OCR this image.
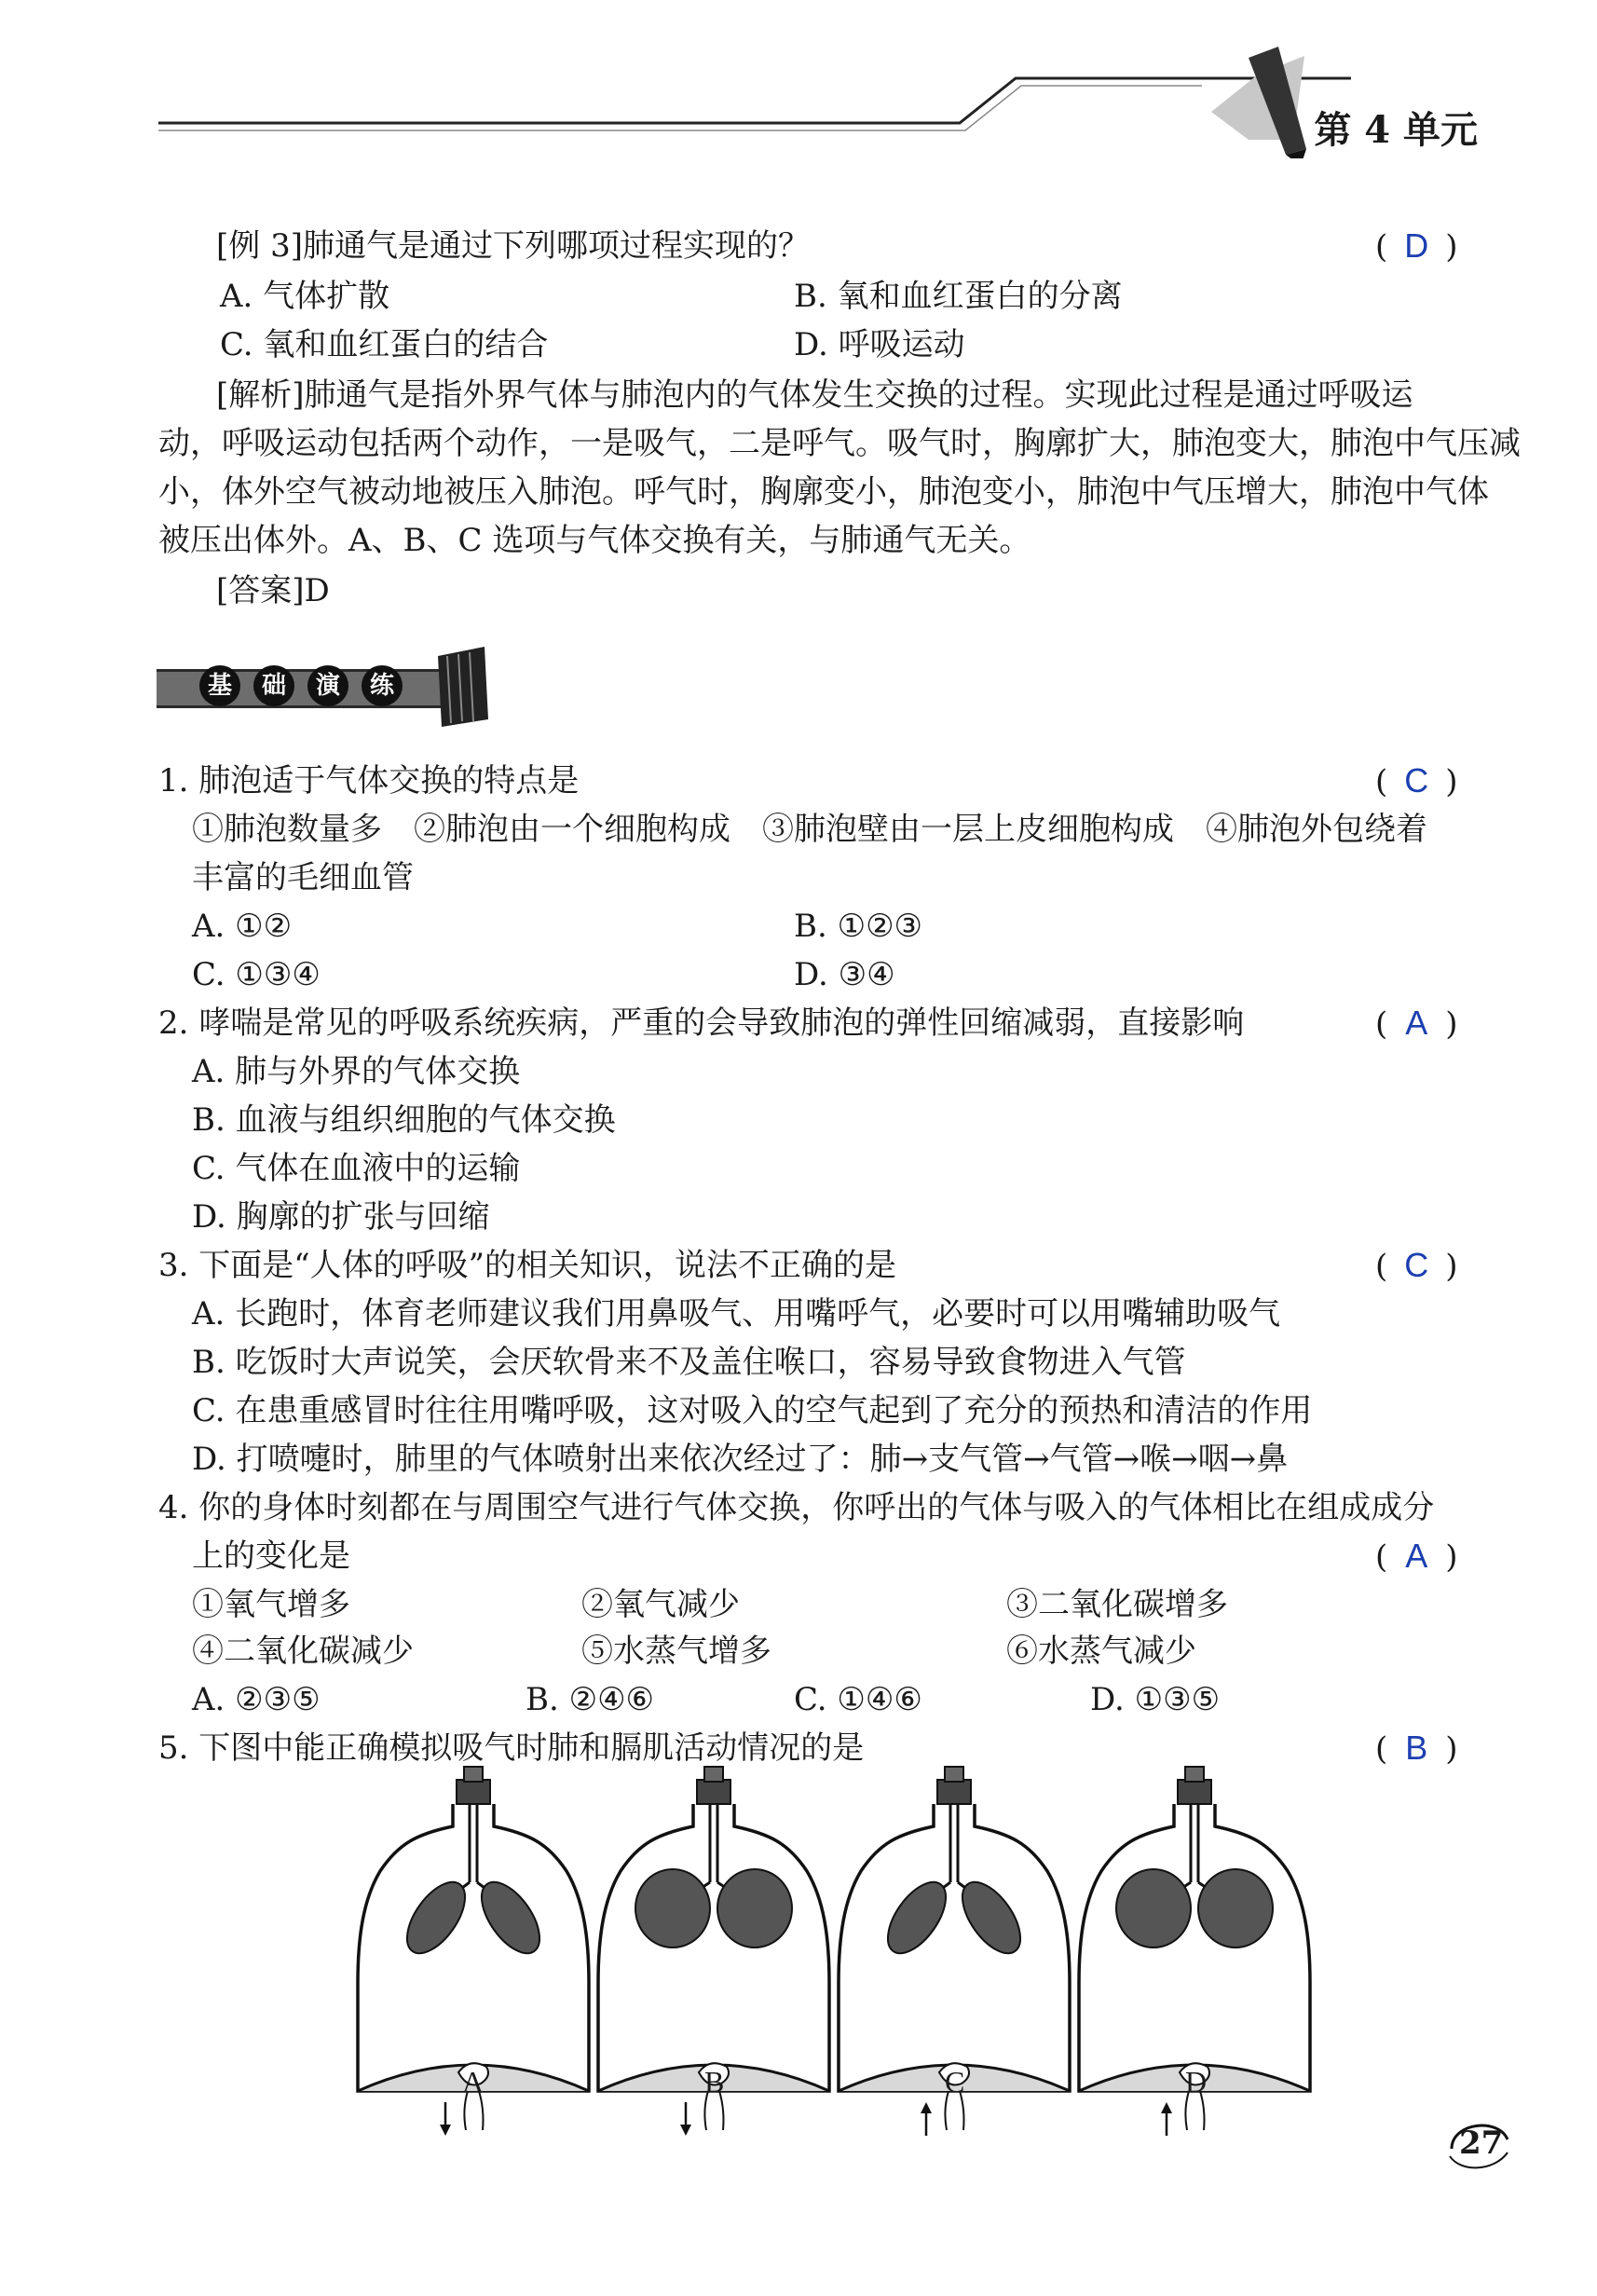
第 4 单元
[例 3]肺通气是通过下列哪项过程实现的？	( D )
A. 气体扩散	B. 氧和血红蛋白的分离
C. 氧和血红蛋白的结合	D. 呼吸运动
[解析]肺通气是指外界气体与肺泡内的气体发生交换的过程。实现此过程是通过呼吸运
动，呼吸运动包括两个动作，一是吸气，二是呼气。吸气时，胸廓扩大，肺泡变大，肺泡中气压减
小，体外空气被动地被压入肺泡。呼气时，胸廓变小，肺泡变小，肺泡中气压增大，肺泡中气体
被压出体外。A、B、C 选项与气体交换有关，与肺通气无关。
[答案]D
基	础	演	练
1. 肺泡适于气体交换的特点是	( C )
①肺泡数量多　②肺泡由一个细胞构成　③肺泡壁由一层上皮细胞构成　④肺泡外包绕着
丰富的毛细血管
A. ①②	B. ①②③
C. ①③④	D. ③④
2. 哮喘是常见的呼吸系统疾病，严重的会导致肺泡的弹性回缩减弱，直接影响	( A )
A. 肺与外界的气体交换
B. 血液与组织细胞的气体交换
C. 气体在血液中的运输
D. 胸廓的扩张与回缩
3. 下面是“人体的呼吸”的相关知识，说法不正确的是	( C )
A. 长跑时，体育老师建议我们用鼻吸气、用嘴呼气，必要时可以用嘴辅助吸气
B. 吃饭时大声说笑，会厌软骨来不及盖住喉口，容易导致食物进入气管
C. 在患重感冒时往往用嘴呼吸，这对吸入的空气起到了充分的预热和清洁的作用
D. 打喷嚏时，肺里的气体喷射出来依次经过了：肺→支气管→气管→喉→咽→鼻
4. 你的身体时刻都在与周围空气进行气体交换，你呼出的气体与吸入的气体相比在组成成分
上的变化是	( A )
①氧气增多	②氧气减少	③二氧化碳增多
④二氧化碳减少	⑤水蒸气增多	⑥水蒸气减少
A. ②③⑤	B. ②④⑥	C. ①④⑥	D. ①③⑤
5. 下图中能正确模拟吸气时肺和膈肌活动情况的是	( B )
A	B	C	D
27
